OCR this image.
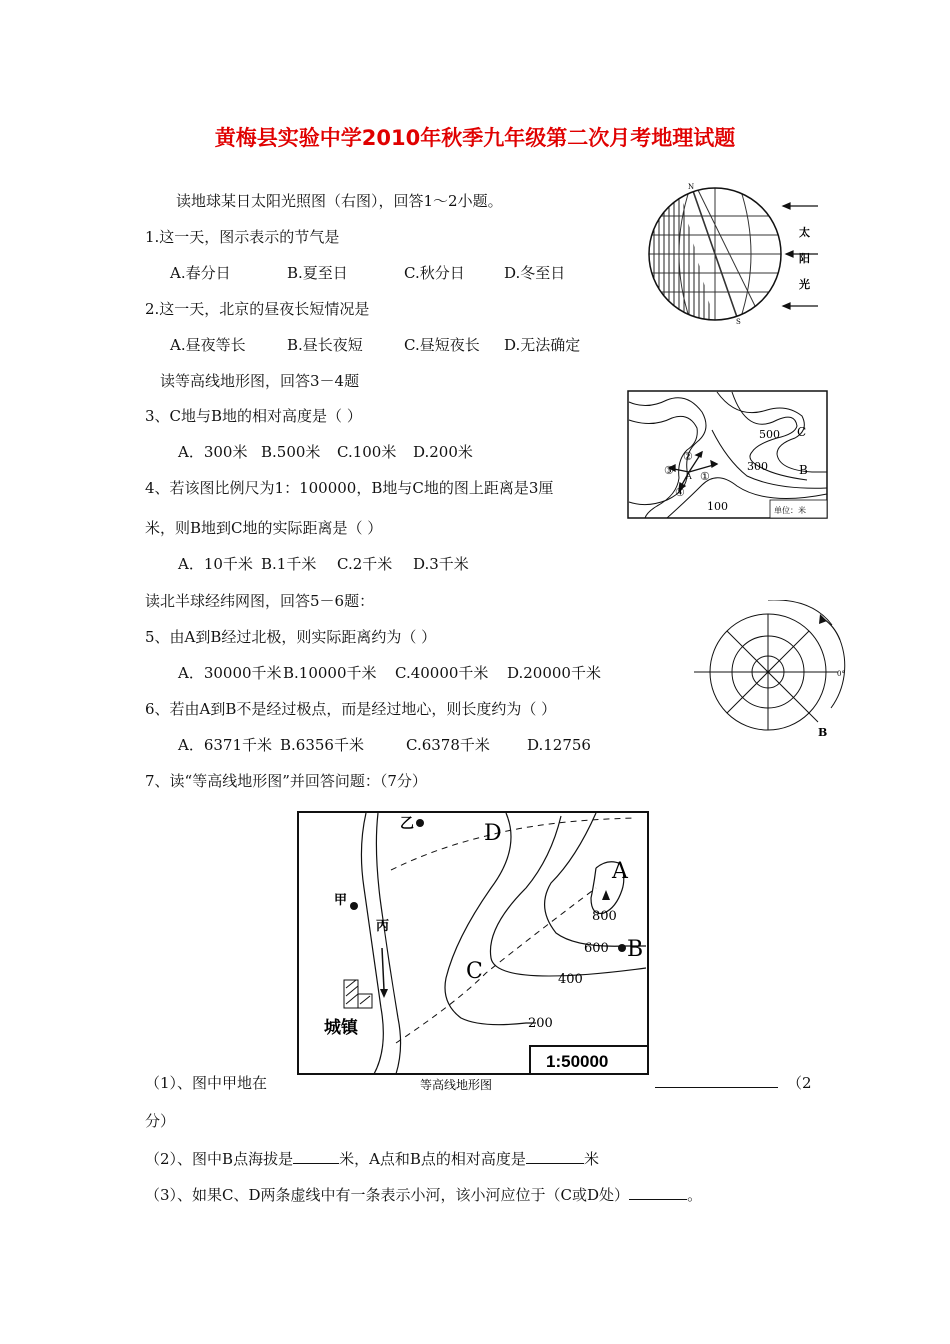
黄梅县实验中学2010年秋季九年级第二次月考地理试题
读地球某日太阳光照图（右图），回答1～2小题。
1.这一天，图示表示的节气是
A.春分日	B.夏至日	C.秋分日	D.冬至日
2.这一天，北京的昼夜长短情况是
A.昼夜等长	B.昼长夜短	C.昼短夜长 D.无法确定
读等高线地形图，回答3－4题
3、C地与B地的相对高度是（ ）
A．300米 B.500米 C.100米 D.200米
4、若该图比例尺为1：100000，B地与C地的图上距离是3厘
米，则B地到C地的实际距离是（ ）
A．10千米 B.1千米 C.2千米 D.3千米
读北半球经纬网图，回答5－6题：
5、由A到B经过北极，则实际距离约为（ ）
A．30000千米B.10000千米 C.40000千米 D.20000千米
6、若由A到B不是经过极点，而是经过地心，则长度约为（ ）
A．6371千米 B.6356千米	C.6378千米 D.12756
7、读“等高线地形图”并回答问题：（7分）
（1）、图中甲地在	（2
分）
（2）、图中B点海拔是	米，A点和B点的相对高度是	米
（3）、如果C、D两条虚线中有一条表示小河，该小河应位于（C或D处）	。
N
S
太
阳
光
500 C
300	B
100
A ①
②
③
④
单位：米
0°
B
乙
甲
丙
D
C
A
B
800
600
400
200
城镇
1:50000
等高线地形图
